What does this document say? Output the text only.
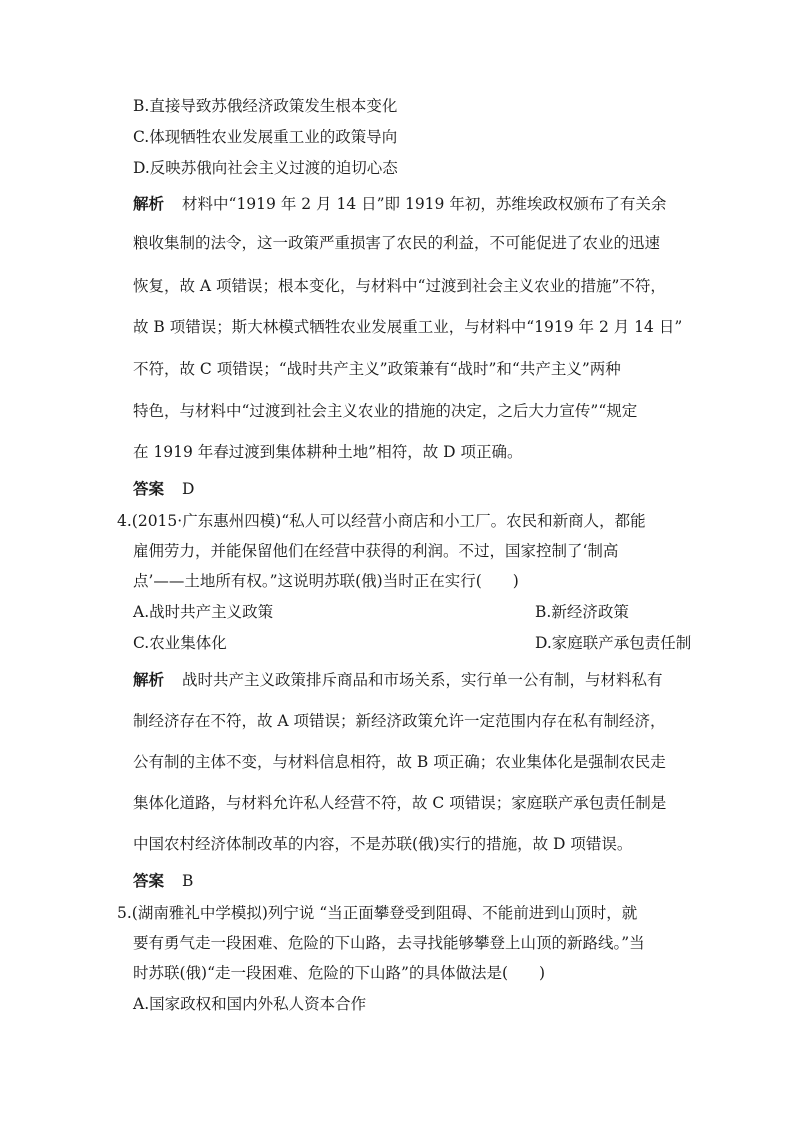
B.直接导致苏俄经济政策发生根本变化
C.体现牺牲农业发展重工业的政策导向
D.反映苏俄向社会主义过渡的迫切心态
解析 材料中“1919 年 2 月 14 日”即 1919 年初，苏维埃政权颁布了有关余
粮收集制的法令，这一政策严重损害了农民的利益，不可能促进了农业的迅速
恢复，故 A 项错误；根本变化，与材料中“过渡到社会主义农业的措施”不符，
故 B 项错误；斯大林模式牺牲农业发展重工业，与材料中“1919 年 2 月 14 日”
不符，故 C 项错误；“战时共产主义”政策兼有“战时”和“共产主义”两种
特色，与材料中“过渡到社会主义农业的措施的决定，之后大力宣传”“规定
在 1919 年春过渡到集体耕种土地”相符，故 D 项正确。
答案 D
4.(2015·广东惠州四模)“私人可以经营小商店和小工厂。农民和新商人，都能
雇佣劳力，并能保留他们在经营中获得的利润。不过，国家控制了‘制高
点’——土地所有权。”这说明苏联(俄)当时正在实行(　　)
A.战时共产主义政策	B.新经济政策
C.农业集体化	D.家庭联产承包责任制
解析 战时共产主义政策排斥商品和市场关系，实行单一公有制，与材料私有
制经济存在不符，故 A 项错误；新经济政策允许一定范围内存在私有制经济，
公有制的主体不变，与材料信息相符，故 B 项正确；农业集体化是强制农民走
集体化道路，与材料允许私人经营不符，故 C 项错误；家庭联产承包责任制是
中国农村经济体制改革的内容，不是苏联(俄)实行的措施，故 D 项错误。
答案 B
5.(湖南雅礼中学模拟)列宁说 “当正面攀登受到阻碍、不能前进到山顶时，就
要有勇气走一段困难、危险的下山路，去寻找能够攀登上山顶的新路线。”当
时苏联(俄)“走一段困难、危险的下山路”的具体做法是(　　)
A.国家政权和国内外私人资本合作
